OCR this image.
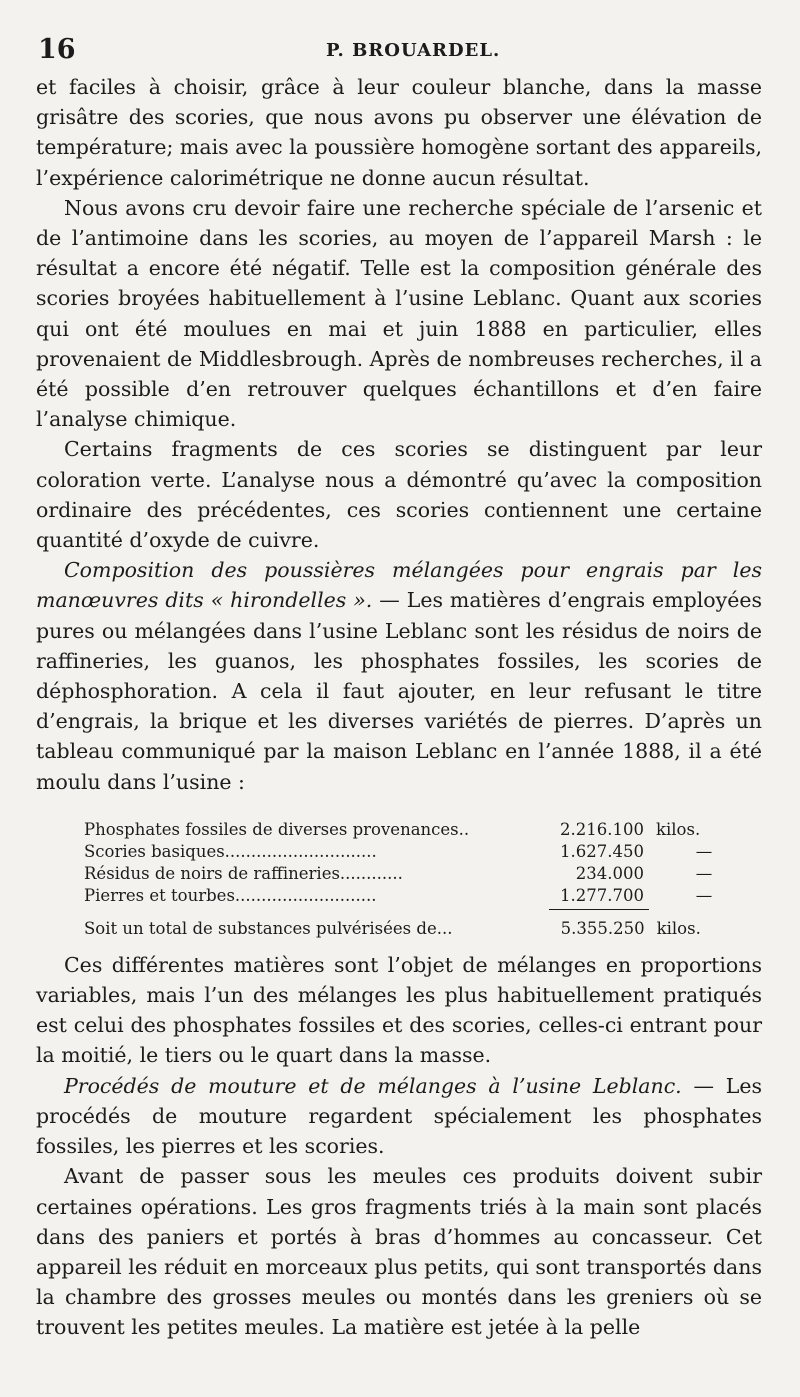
16	P. BROUARDEL.

et faciles à choisir, grâce à leur couleur blanche, dans la masse grisâtre des scories, que nous avons pu observer une élévation de température; mais avec la poussière homogène sortant des appareils, l’expérience calorimétrique ne donne aucun résultat.

Nous avons cru devoir faire une recherche spéciale de l’arsenic et de l’antimoine dans les scories, au moyen de l’appareil Marsh : le résultat a encore été négatif. Telle est la composition générale des scories broyées habituellement à l’usine Leblanc. Quant aux scories qui ont été moulues en mai et juin 1888 en particulier, elles provenaient de Middlesbrough. Après de nombreuses recherches, il a été possible d’en retrouver quelques échantillons et d’en faire l’analyse chimique.

Certains fragments de ces scories se distinguent par leur coloration verte. L’analyse nous a démontré qu’avec la composition ordinaire des précédentes, ces scories contiennent une certaine quantité d’oxyde de cuivre.

Composition des poussières mélangées pour engrais par les manœuvres dits « hirondelles ». — Les matières d’engrais employées pures ou mélangées dans l’usine Leblanc sont les résidus de noirs de raffineries, les guanos, les phosphates fossiles, les scories de déphosphoration. A cela il faut ajouter, en leur refusant le titre d’engrais, la brique et les diverses variétés de pierres. D’après un tableau communiqué par la maison Leblanc en l’année 1888, il a été moulu dans l’usine :

Phosphates fossiles de diverses provenances..	2.216.100 kilos.
Scories basiques.............................	1.627.450	—
Résidus de noirs de raffineries............	234.000	—
Pierres et tourbes...........................	1.277.700	—
Soit un total de substances pulvérisées de...	5.355.250 kilos.

Ces différentes matières sont l’objet de mélanges en proportions variables, mais l’un des mélanges les plus habituellement pratiqués est celui des phosphates fossiles et des scories, celles-ci entrant pour la moitié, le tiers ou le quart dans la masse.

Procédés de mouture et de mélanges à l’usine Leblanc. — Les procédés de mouture regardent spécialement les phosphates fossiles, les pierres et les scories.

Avant de passer sous les meules ces produits doivent subir certaines opérations. Les gros fragments triés à la main sont placés dans des paniers et portés à bras d’hommes au concasseur. Cet appareil les réduit en morceaux plus petits, qui sont transportés dans la chambre des grosses meules ou montés dans les greniers où se trouvent les petites meules. La matière est jetée à la pelle
